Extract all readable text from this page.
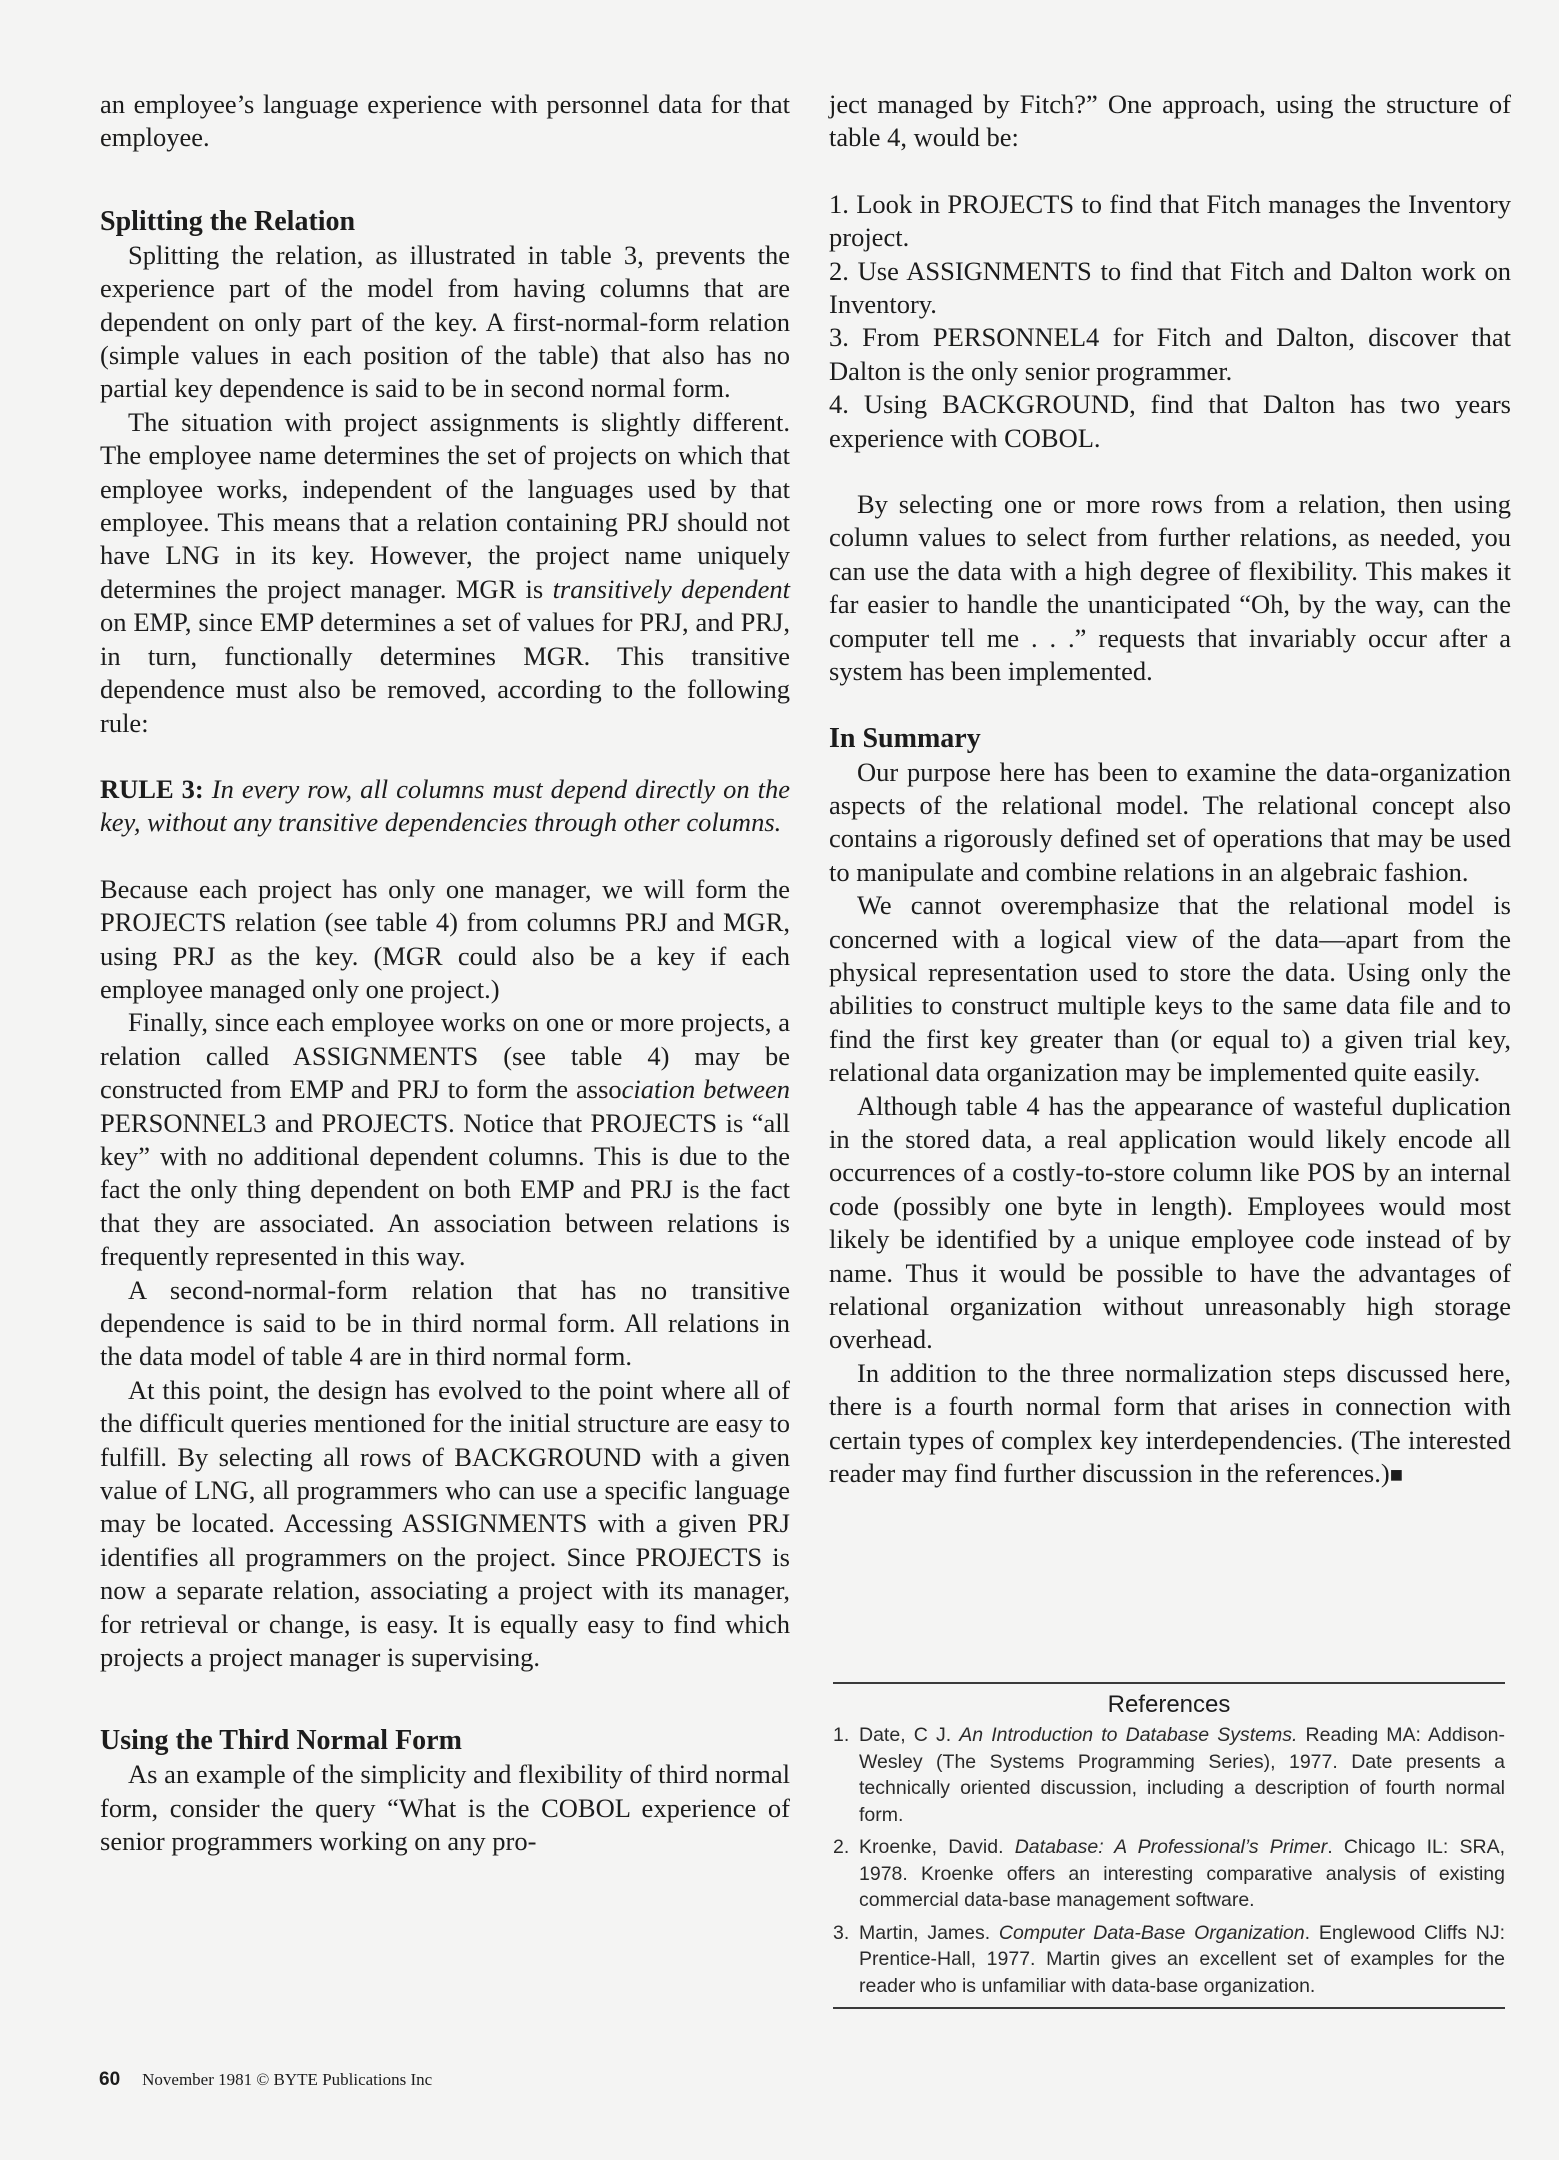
an employee’s language experience with personnel data for that employee.

Splitting the Relation

Splitting the relation, as illustrated in table 3, prevents the experience part of the model from having columns that are dependent on only part of the key. A first-normal-form relation (simple values in each position of the table) that also has no partial key dependence is said to be in second normal form.

The situation with project assignments is slightly different. The employee name determines the set of projects on which that employee works, independent of the languages used by that employee. This means that a relation containing PRJ should not have LNG in its key. However, the project name uniquely determines the project manager. MGR is transitively dependent on EMP, since EMP determines a set of values for PRJ, and PRJ, in turn, functionally determines MGR. This transitive dependence must also be removed, according to the following rule:

RULE 3: In every row, all columns must depend directly on the key, without any transitive dependencies through other columns.

Because each project has only one manager, we will form the PROJECTS relation (see table 4) from columns PRJ and MGR, using PRJ as the key. (MGR could also be a key if each employee managed only one project.)

Finally, since each employee works on one or more projects, a relation called ASSIGNMENTS (see table 4) may be constructed from EMP and PRJ to form the association between PERSONNEL3 and PROJECTS. Notice that PROJECTS is “all key” with no additional dependent columns. This is due to the fact the only thing dependent on both EMP and PRJ is the fact that they are associated. An association between relations is frequently represented in this way.

A second-normal-form relation that has no transitive dependence is said to be in third normal form. All relations in the data model of table 4 are in third normal form.

At this point, the design has evolved to the point where all of the difficult queries mentioned for the initial structure are easy to fulfill. By selecting all rows of BACKGROUND with a given value of LNG, all programmers who can use a specific language may be located. Accessing ASSIGNMENTS with a given PRJ identifies all programmers on the project. Since PROJECTS is now a separate relation, associating a project with its manager, for retrieval or change, is easy. It is equally easy to find which projects a project manager is supervising.

Using the Third Normal Form

As an example of the simplicity and flexibility of third normal form, consider the query “What is the COBOL experience of senior programmers working on any pro-

ject managed by Fitch?” One approach, using the structure of table 4, would be:

1. Look in PROJECTS to find that Fitch manages the Inventory project.

2. Use ASSIGNMENTS to find that Fitch and Dalton work on Inventory.

3. From PERSONNEL4 for Fitch and Dalton, discover that Dalton is the only senior programmer.

4. Using BACKGROUND, find that Dalton has two years experience with COBOL.

By selecting one or more rows from a relation, then using column values to select from further relations, as needed, you can use the data with a high degree of flexibility. This makes it far easier to handle the unanticipated “Oh, by the way, can the computer tell me . . .” requests that invariably occur after a system has been implemented.

In Summary

Our purpose here has been to examine the data-organization aspects of the relational model. The relational concept also contains a rigorously defined set of operations that may be used to manipulate and combine relations in an algebraic fashion.

We cannot overemphasize that the relational model is concerned with a logical view of the data—apart from the physical representation used to store the data. Using only the abilities to construct multiple keys to the same data file and to find the first key greater than (or equal to) a given trial key, relational data organization may be implemented quite easily.

Although table 4 has the appearance of wasteful duplication in the stored data, a real application would likely encode all occurrences of a costly-to-store column like POS by an internal code (possibly one byte in length). Employees would most likely be identified by a unique employee code instead of by name. Thus it would be possible to have the advantages of relational organization without unreasonably high storage overhead.

In addition to the three normalization steps discussed here, there is a fourth normal form that arises in connection with certain types of complex key interdependencies. (The interested reader may find further discussion in the references.)■

References
1. Date, C J. An Introduction to Database Systems. Reading MA: Addison-Wesley (The Systems Programming Series), 1977. Date presents a technically oriented discussion, including a description of fourth normal form.
2. Kroenke, David. Database: A Professional’s Primer. Chicago IL: SRA, 1978. Kroenke offers an interesting comparative analysis of existing commercial data-base management software.
3. Martin, James. Computer Data-Base Organization. Englewood Cliffs NJ: Prentice-Hall, 1977. Martin gives an excellent set of examples for the reader who is unfamiliar with data-base organization.
60 November 1981 © BYTE Publications Inc
